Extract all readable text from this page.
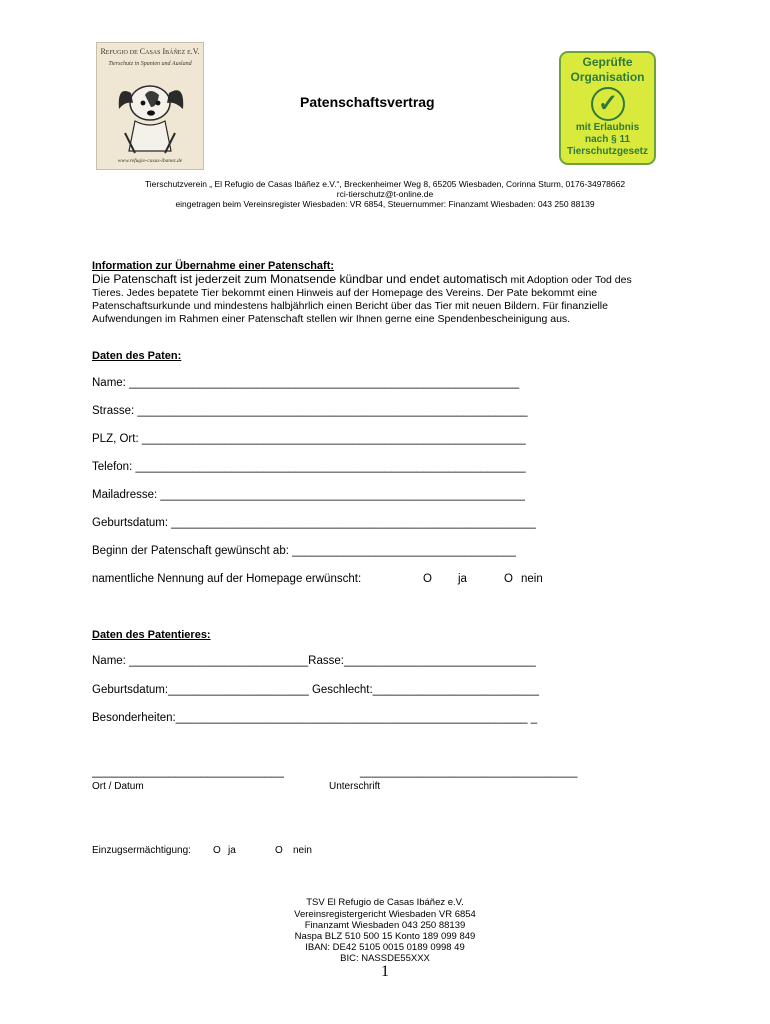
Refugio de Casas Ibáñez e.V.
Tierschutz in Spanien und Ausland
www.refugio-casas-ibanez.de
Patenschaftsvertrag
Geprüfte
Organisation
✓
mit Erlaubnis
nach § 11
Tierschutzgesetz
Tierschutzverein „ El Refugio de Casas Ibáñez e.V.“, Breckenheimer Weg 8, 65205 Wiesbaden, Corinna Sturm, 0176-34978662
rci-tierschutz@t-online.de
eingetragen beim Vereinsregister Wiesbaden: VR 6854, Steuernummer: Finanzamt Wiesbaden: 043 250 88139
Information zur Übernahme einer Patenschaft:
Die Patenschaft ist jederzeit zum Monatsende kündbar und endet automatisch mit Adoption oder Tod des
Tieres. Jedes bepatete Tier bekommt einen Hinweis auf der Homepage des Vereins. Der Pate bekommt eine
Patenschaftsurkunde und mindestens halbjährlich einen Bericht über das Tier mit neuen Bildern. Für finanzielle
Aufwendungen im Rahmen einer Patenschaft stellen wir Ihnen gerne eine Spendenbescheinigung aus.
Daten des Paten:
Name: _____________________________________________________________
Strasse: _____________________________________________________________
PLZ, Ort: ____________________________________________________________
Telefon: _____________________________________________________________
Mailadresse: _________________________________________________________
Geburtsdatum: _________________________________________________________
Beginn der Patenschaft gewünscht ab: ___________________________________
namentliche Nennung auf der Homepage erwünscht:	O ja	O nein
Daten des Patentieres:
Name: ____________________________Rasse:______________________________
Geburtsdatum:______________________ Geschlecht:__________________________
Besonderheiten:_______________________________________________________ _
______________________________	__________________________________
Ort / Datum	Unterschrift
Einzugsermächtigung: O ja	O nein
TSV El Refugio de Casas Ibáñez e.V.
Vereinsregistergericht Wiesbaden VR 6854
Finanzamt Wiesbaden 043 250 88139
Naspa BLZ 510 500 15 Konto 189 099 849
IBAN: DE42 5105 0015 0189 0998 49
BIC: NASSDE55XXX
1
